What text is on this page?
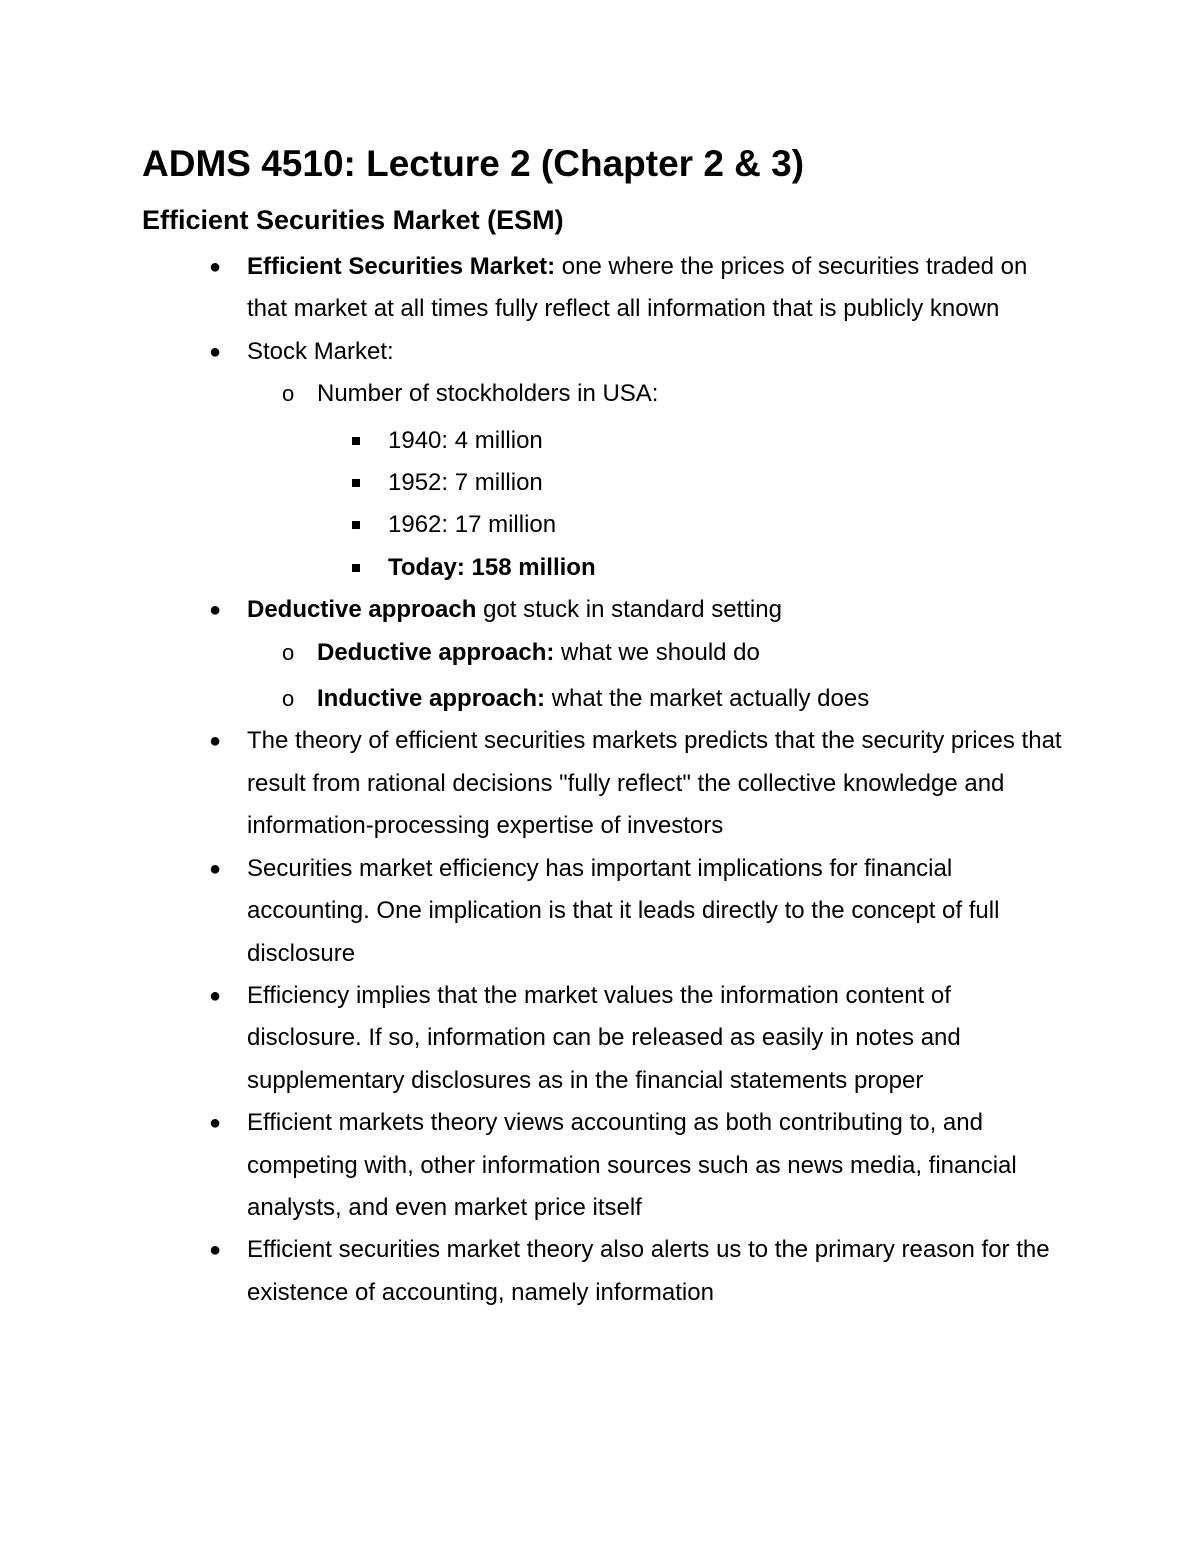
ADMS 4510: Lecture 2 (Chapter 2 & 3)
Efficient Securities Market (ESM)
● Efficient Securities Market: one where the prices of securities traded on that market at all times fully reflect all information that is publicly known
● Stock Market:
o Number of stockholders in USA:
1940: 4 million
1952: 7 million
1962: 17 million
Today: 158 million
● Deductive approach got stuck in standard setting
o Deductive approach: what we should do
o Inductive approach: what the market actually does
● The theory of efficient securities markets predicts that the security prices that result from rational decisions "fully reflect" the collective knowledge and information-processing expertise of investors
● Securities market efficiency has important implications for financial accounting. One implication is that it leads directly to the concept of full disclosure
● Efficiency implies that the market values the information content of disclosure. If so, information can be released as easily in notes and supplementary disclosures as in the financial statements proper
● Efficient markets theory views accounting as both contributing to, and competing with, other information sources such as news media, financial analysts, and even market price itself
● Efficient securities market theory also alerts us to the primary reason for the existence of accounting, namely information
